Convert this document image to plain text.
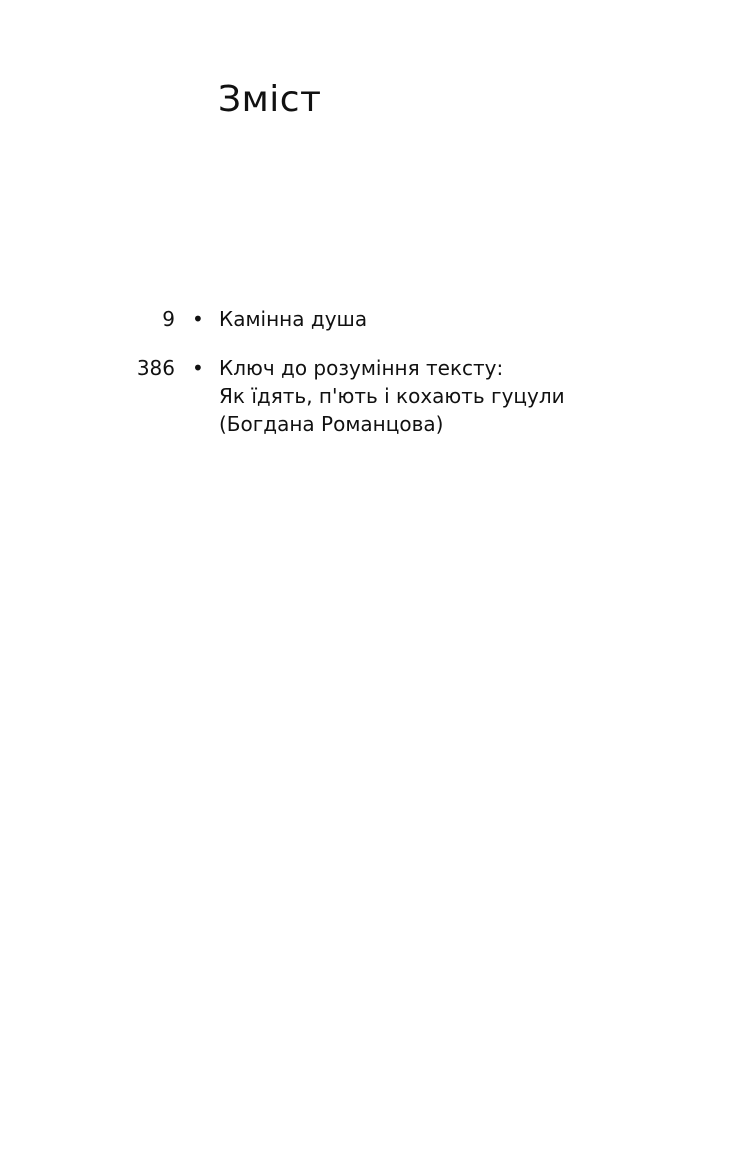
Зміст
9 • Камінна душа
386 • Ключ до розуміння тексту:
Як їдять, п'ють і кохають гуцули
(Богдана Романцова)
